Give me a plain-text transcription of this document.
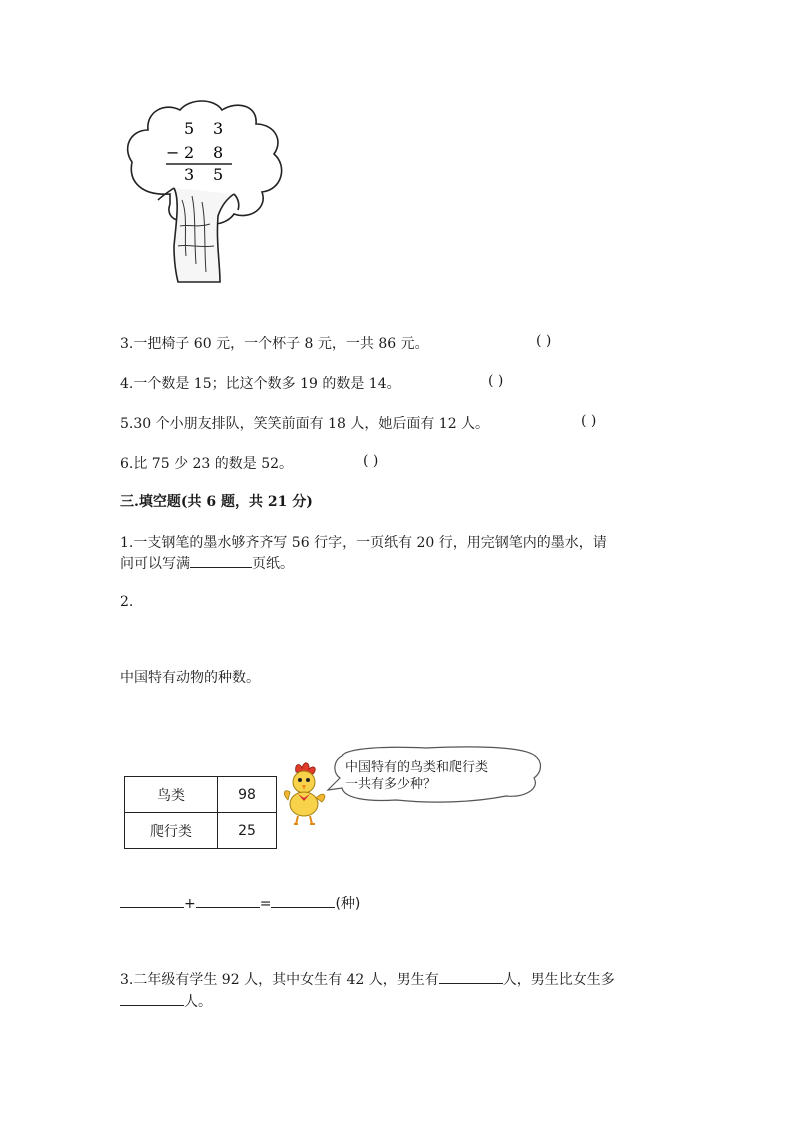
5 3
− 2 8
3 5
3.一把椅子 60 元，一个杯子 8 元，一共 86 元。	( )
4.一个数是 15；比这个数多 19 的数是 14。	( )
5.30 个小朋友排队，笑笑前面有 18 人，她后面有 12 人。	( )
6.比 75 少 23 的数是 52。	( )
三.填空题(共 6 题，共 21 分)
1.一支钢笔的墨水够齐齐写 56 行字，一页纸有 20 行，用完钢笔内的墨水，请
问可以写满	页纸。
2.
中国特有动物的种数。
鸟类	98
爬行类	25
中国特有的鸟类和爬行类
一共有多少种？
+	=	(种)
3.二年级有学生 92 人，其中女生有 42 人，男生有	人，男生比女生多
人。
